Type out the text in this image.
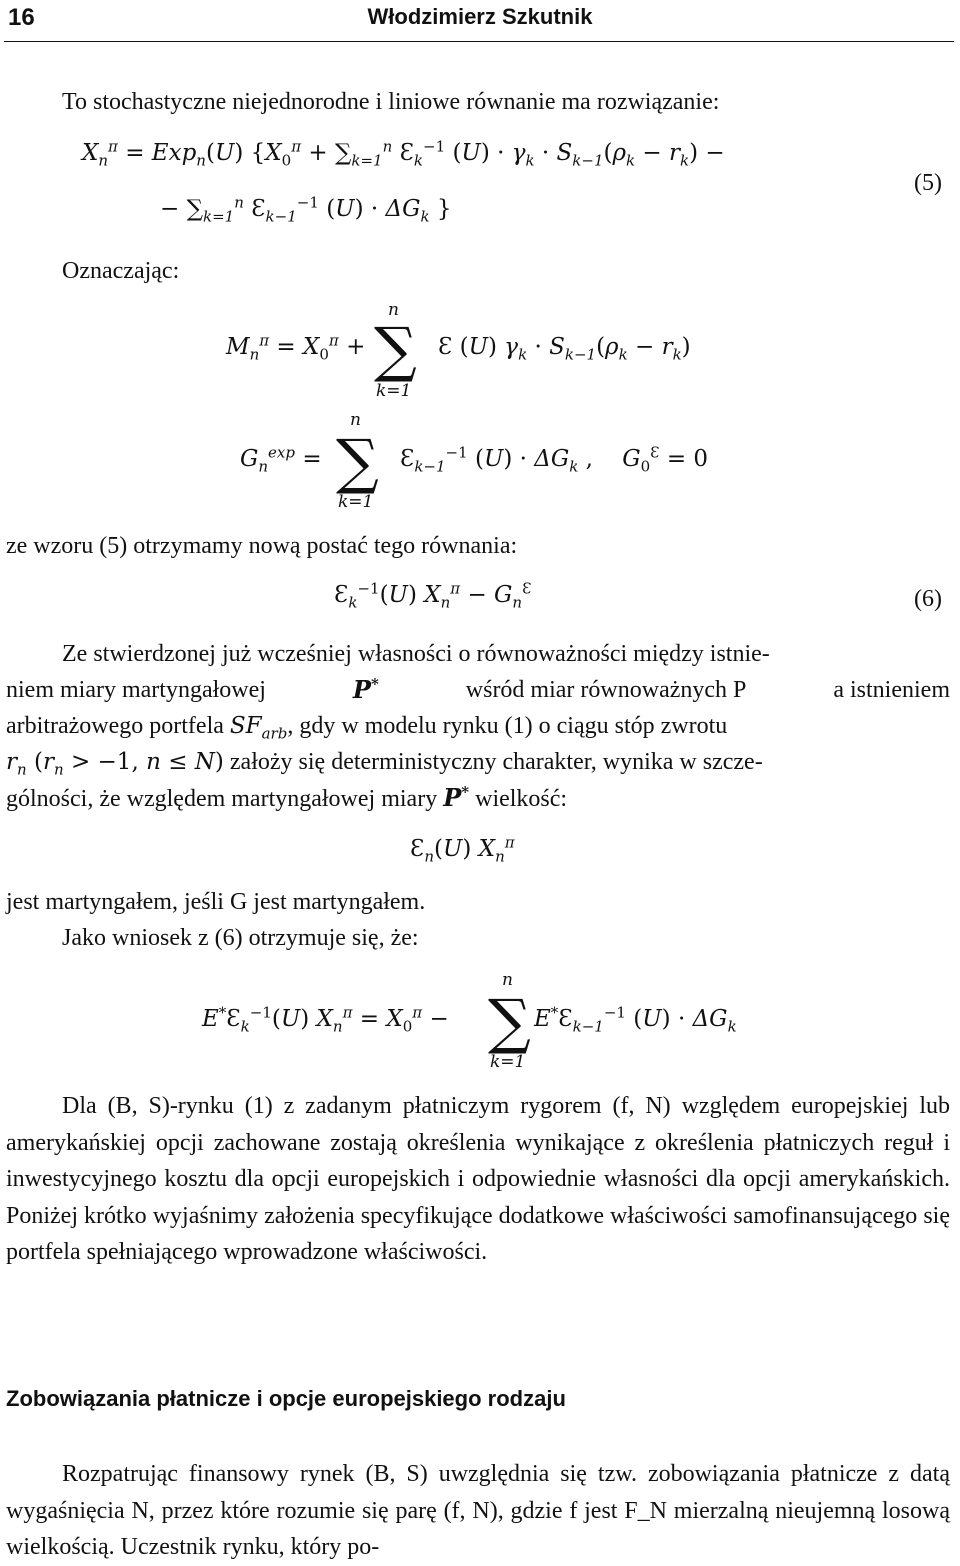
16	Włodzimierz Szkutnik
To stochastyczne niejednorodne i liniowe równanie ma rozwiązanie:
$X_n^\pi = Exp_n(U) \{X_0^\pi + \sum_{k=1}^n$ $Ɛ_k^{-1}$ $(U) \cdot \gamma_k \cdot S_{k-1}(\rho_k - r_k)$ −
− $\sum_{k=1}^n$ $Ɛ_{k-1}^{-1}$ $(U) \cdot \Delta G_k$ }
(5)
Oznaczając:
n
$M_n^\pi = X_0^\pi$ + ∑ Ɛ (U) $\gamma_k \cdot S_{k-1}(\rho_k - r_k)$
k=1
n
$G_n^{exp}$ = ∑ $Ɛ_{k-1}^{-1}$ $(U) \cdot \Delta G_k$ ,    $G_0^Ɛ = 0$
k=1
ze wzoru (5) otrzymamy nową postać tego równania:
$Ɛ_k^{-1}(U) X_n^\pi - G_n^Ɛ$	(6)
Ze stwierdzonej już wcześniej własności o równoważności między istnie-
niem miary martyngałowej	P*	wśród miar równoważnych P	a istnieniem
arbitrażowego portfela $SF_{arb}$, gdy w modelu rynku (1) o ciągu stóp zwrotu
$r_n$ ($r_n > -1$, n ≤ N) założy się deterministyczny charakter, wynika w szcze-
gólności, że względem martyngałowej miary P* wielkość:
$Ɛ_n(U)$ $X_n^\pi$
jest martyngałem, jeśli G jest martyngałem.
Jako wniosek z (6) otrzymuje się, że:
n
$E^*Ɛ_k^{-1}(U) X_n^\pi = X_0^\pi$ − ∑ $E^*Ɛ_{k-1}^{-1}$ $(U) \cdot \Delta G_k$
k=1
Dla (B, S)-rynku (1) z zadanym płatniczym rygorem (f, N) względem europejskiej lub amerykańskiej opcji zachowane zostają określenia wynikające z określenia płatniczych reguł i inwestycyjnego kosztu dla opcji europejskich i odpowiednie własności dla opcji amerykańskich. Poniżej krótko wyjaśnimy założenia specyfikujące dodatkowe właściwości samofinansującego się portfela spełniającego wprowadzone właściwości.
Zobowiązania płatnicze i opcje europejskiego rodzaju
Rozpatrując finansowy rynek (B, S) uwzględnia się tzw. zobowiązania płatnicze z datą wygaśnięcia N, przez które rozumie się parę (f, N), gdzie f jest F_N mierzalną nieujemną losową wielkością. Uczestnik rynku, który po-
